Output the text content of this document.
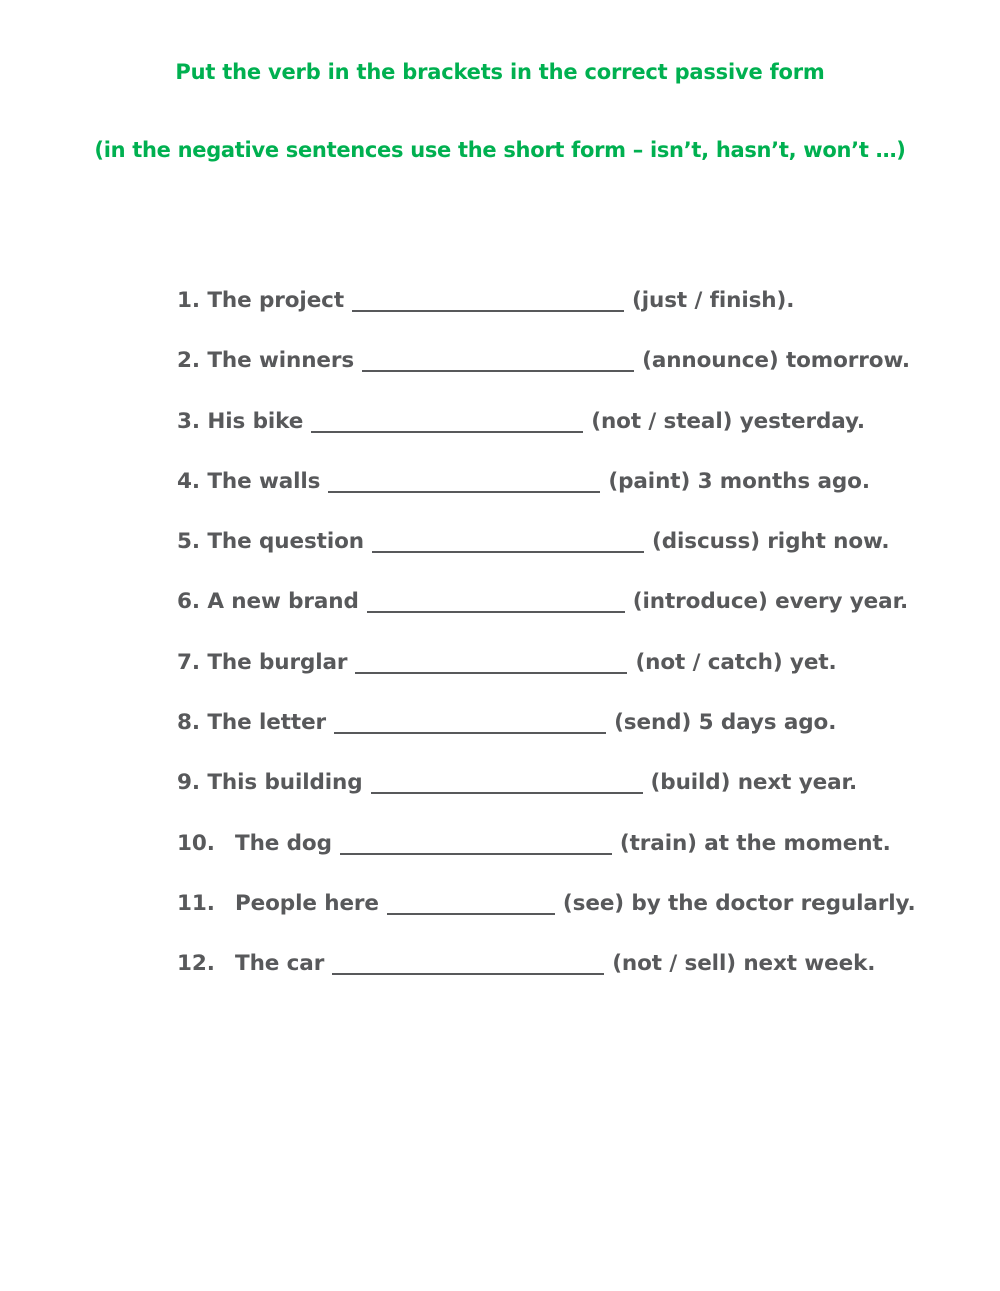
Put the verb in the brackets in the correct passive form
(in the negative sentences use the short form – isn’t, hasn’t, won’t …)
1. The project	(just / finish).
2. The winners	(announce) tomorrow.
3. His bike	(not / steal) yesterday.
4. The walls	(paint) 3 months ago.
5. The question	(discuss) right now.
6. A new brand	(introduce) every year.
7. The burglar	(not / catch) yet.
8. The letter	(send) 5 days ago.
9. This building	(build) next year.
10. The dog	(train) at the moment.
11. People here	(see) by the doctor regularly.
12. The car	(not / sell) next week.
